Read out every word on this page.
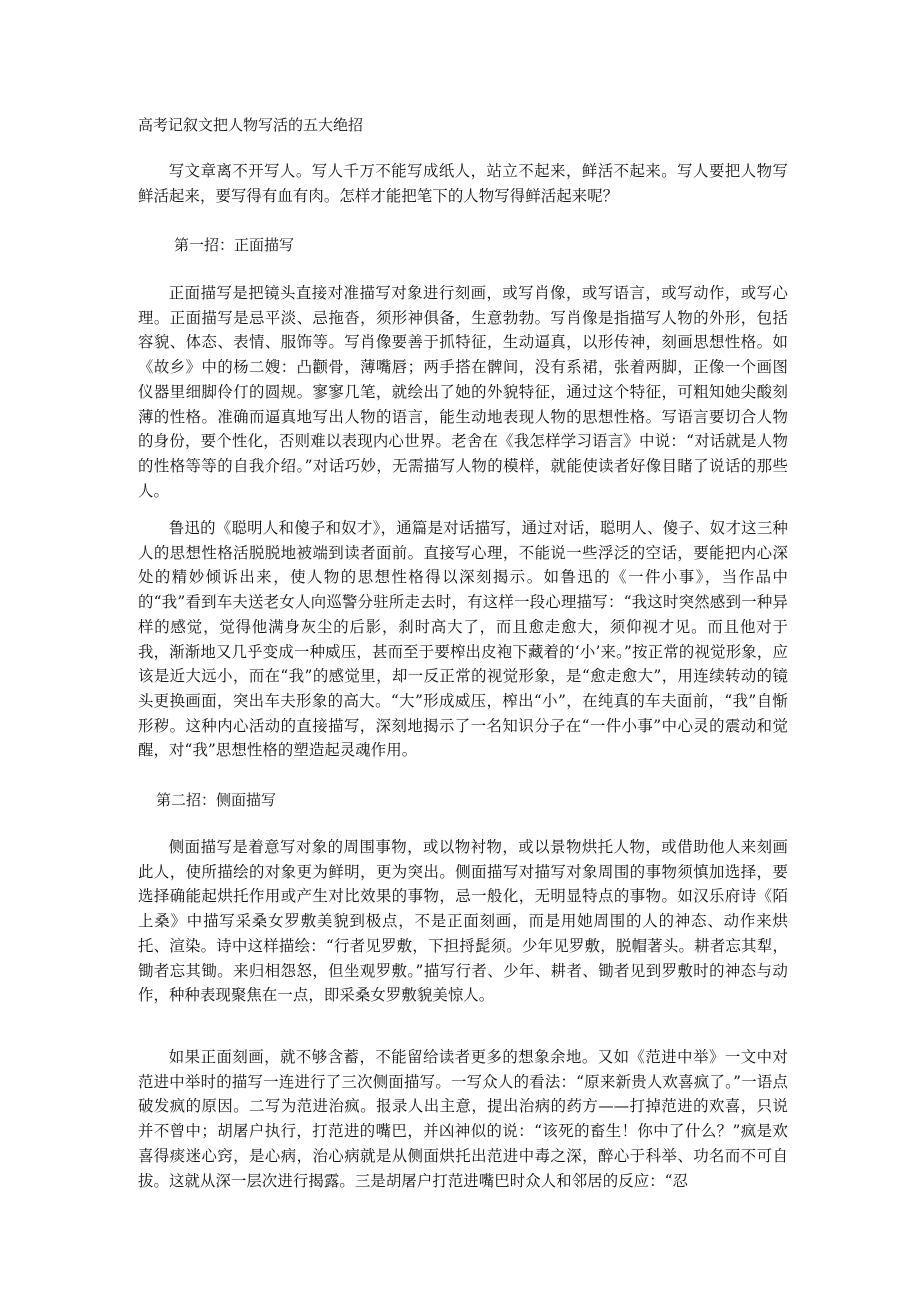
高考记叙文把人物写活的五大绝招

写文章离不开写人。写人千万不能写成纸人，站立不起来，鲜活不起来。写人要把人物写鲜活起来，要写得有血有肉。怎样才能把笔下的人物写得鲜活起来呢？

第一招：正面描写

正面描写是把镜头直接对准描写对象进行刻画，或写肖像，或写语言，或写动作，或写心理。正面描写是忌平淡、忌拖沓，须形神俱备，生意勃勃。写肖像是指描写人物的外形，包括容貌、体态、表情、服饰等。写肖像要善于抓特征，生动逼真，以形传神，刻画思想性格。如《故乡》中的杨二嫂：凸颧骨，薄嘴唇；两手搭在髀间，没有系裙，张着两脚，正像一个画图仪器里细脚伶仃的圆规。寥寥几笔，就绘出了她的外貌特征，通过这个特征，可粗知她尖酸刻薄的性格。准确而逼真地写出人物的语言，能生动地表现人物的思想性格。写语言要切合人物的身份，要个性化，否则难以表现内心世界。老舍在《我怎样学习语言》中说：“对话就是人物的性格等等的自我介绍。”对话巧妙，无需描写人物的模样，就能使读者好像目睹了说话的那些人。

鲁迅的《聪明人和傻子和奴才》，通篇是对话描写，通过对话，聪明人、傻子、奴才这三种人的思想性格活脱脱地被端到读者面前。直接写心理，不能说一些浮泛的空话，要能把内心深处的精妙倾诉出来，使人物的思想性格得以深刻揭示。如鲁迅的《一件小事》，当作品中的“我”看到车夫送老女人向巡警分驻所走去时，有这样一段心理描写：“我这时突然感到一种异样的感觉，觉得他满身灰尘的后影，刹时高大了，而且愈走愈大，须仰视才见。而且他对于我，渐渐地又几乎变成一种威压，甚而至于要榨出皮袍下藏着的‘小’来。”按正常的视觉形象，应该是近大远小，而在“我”的感觉里，却一反正常的视觉形象，是“愈走愈大”，用连续转动的镜头更换画面，突出车夫形象的高大。“大”形成威压，榨出“小”，在纯真的车夫面前，“我”自惭形秽。这种内心活动的直接描写，深刻地揭示了一名知识分子在“一件小事”中心灵的震动和觉醒，对“我”思想性格的塑造起灵魂作用。

第二招：侧面描写

侧面描写是着意写对象的周围事物，或以物衬物，或以景物烘托人物，或借助他人来刻画此人，使所描绘的对象更为鲜明，更为突出。侧面描写对描写对象周围的事物须慎加选择，要选择确能起烘托作用或产生对比效果的事物，忌一般化，无明显特点的事物。如汉乐府诗《陌上桑》中描写采桑女罗敷美貌到极点，不是正面刻画，而是用她周围的人的神态、动作来烘托、渲染。诗中这样描绘：“行者见罗敷，下担捋髭须。少年见罗敷，脱帽著头。耕者忘其犁，锄者忘其锄。来归相怨怒，但坐观罗敷。”描写行者、少年、耕者、锄者见到罗敷时的神态与动作，种种表现聚焦在一点，即采桑女罗敷貌美惊人。

如果正面刻画，就不够含蓄，不能留给读者更多的想象余地。又如《范进中举》一文中对范进中举时的描写一连进行了三次侧面描写。一写众人的看法：“原来新贵人欢喜疯了。”一语点破发疯的原因。二写为范进治疯。报录人出主意，提出治病的药方——打掉范进的欢喜，只说并不曾中；胡屠户执行，打范进的嘴巴，并凶神似的说：“该死的畜生！你中了什么？”疯是欢喜得痰迷心窍，是心病，治心病就是从侧面烘托出范进中毒之深，醉心于科举、功名而不可自拔。这就从深一层次进行揭露。三是胡屠户打范进嘴巴时众人和邻居的反应：“忍
